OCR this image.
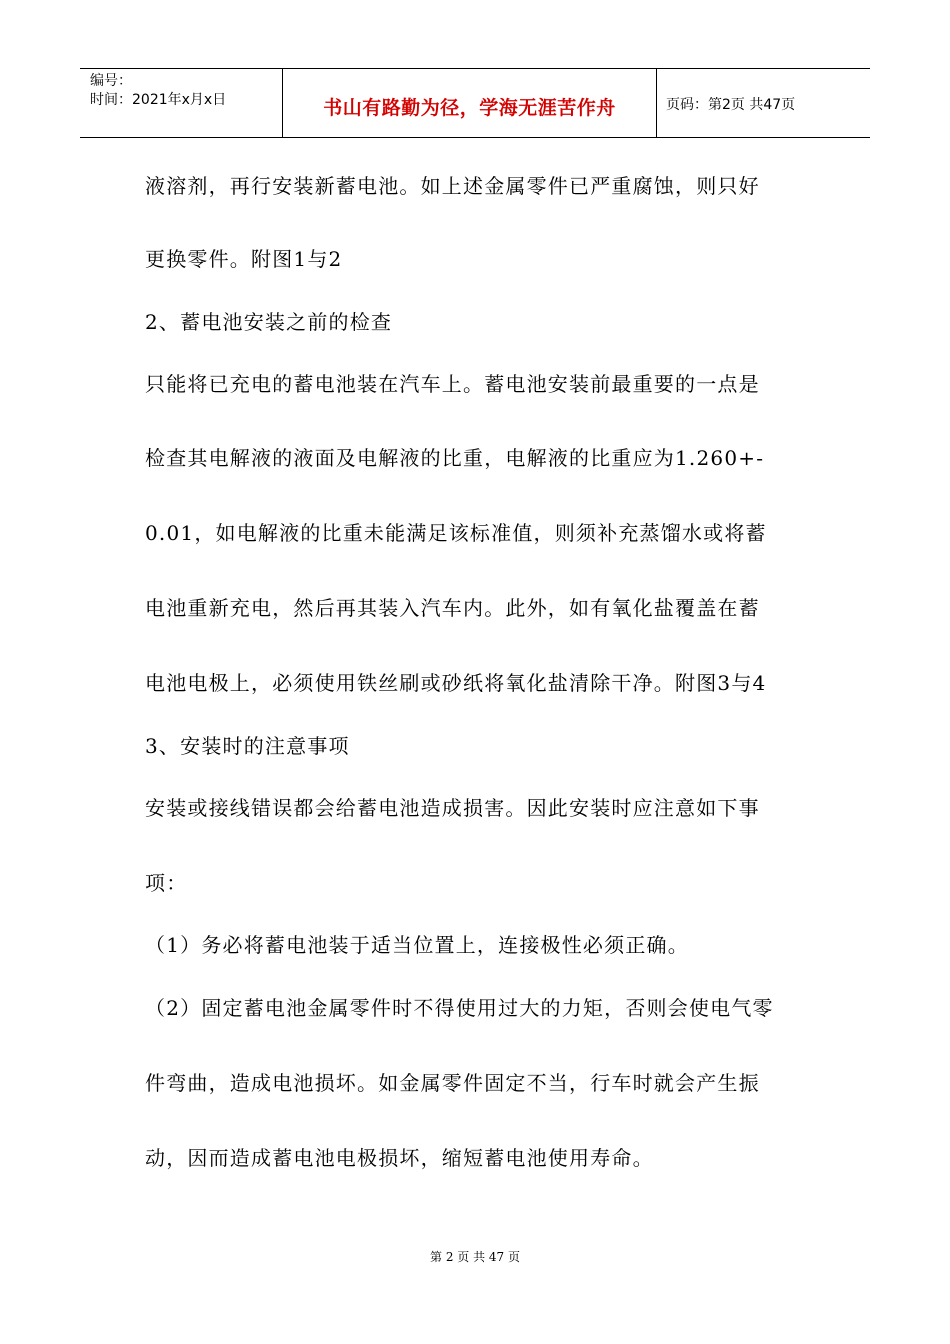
编号：
时间：2021年x月x日	书山有路勤为径，学海无涯苦作舟	页码：第2页 共47页
液溶剂，再行安装新蓄电池。如上述金属零件已严重腐蚀，则只好
更换零件。附图1与2
2、蓄电池安装之前的检查
只能将已充电的蓄电池装在汽车上。蓄电池安装前最重要的一点是
检查其电解液的液面及电解液的比重，电解液的比重应为1.260+-
0.01，如电解液的比重未能满足该标准值，则须补充蒸馏水或将蓄
电池重新充电，然后再其装入汽车内。此外，如有氧化盐覆盖在蓄
电池电极上，必须使用铁丝刷或砂纸将氧化盐清除干净。附图3与4
3、安装时的注意事项
安装或接线错误都会给蓄电池造成损害。因此安装时应注意如下事
项：
（1）务必将蓄电池装于适当位置上，连接极性必须正确。
（2）固定蓄电池金属零件时不得使用过大的力矩，否则会使电气零
件弯曲，造成电池损坏。如金属零件固定不当，行车时就会产生振
动，因而造成蓄电池电极损坏，缩短蓄电池使用寿命。
第 2 页 共 47 页
